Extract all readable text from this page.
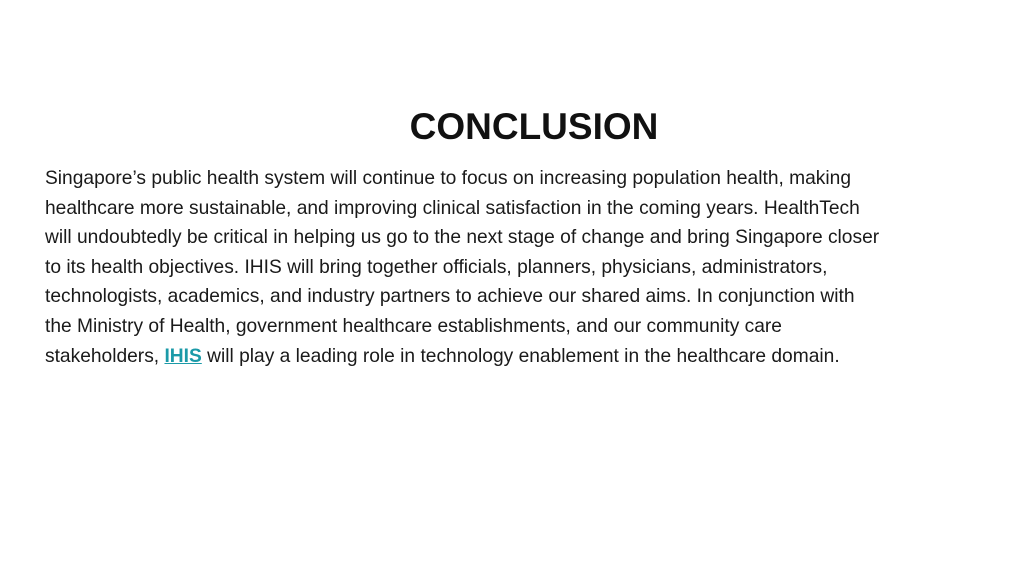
CONCLUSION

Singapore’s public health system will continue to focus on increasing population health, making
healthcare more sustainable, and improving clinical satisfaction in the coming years. HealthTech
will undoubtedly be critical in helping us go to the next stage of change and bring Singapore closer
to its health objectives. IHIS will bring together officials, planners, physicians, administrators,
technologists, academics, and industry partners to achieve our shared aims. In conjunction with
the Ministry of Health, government healthcare establishments, and our community care
stakeholders, IHIS will play a leading role in technology enablement in the healthcare domain.
